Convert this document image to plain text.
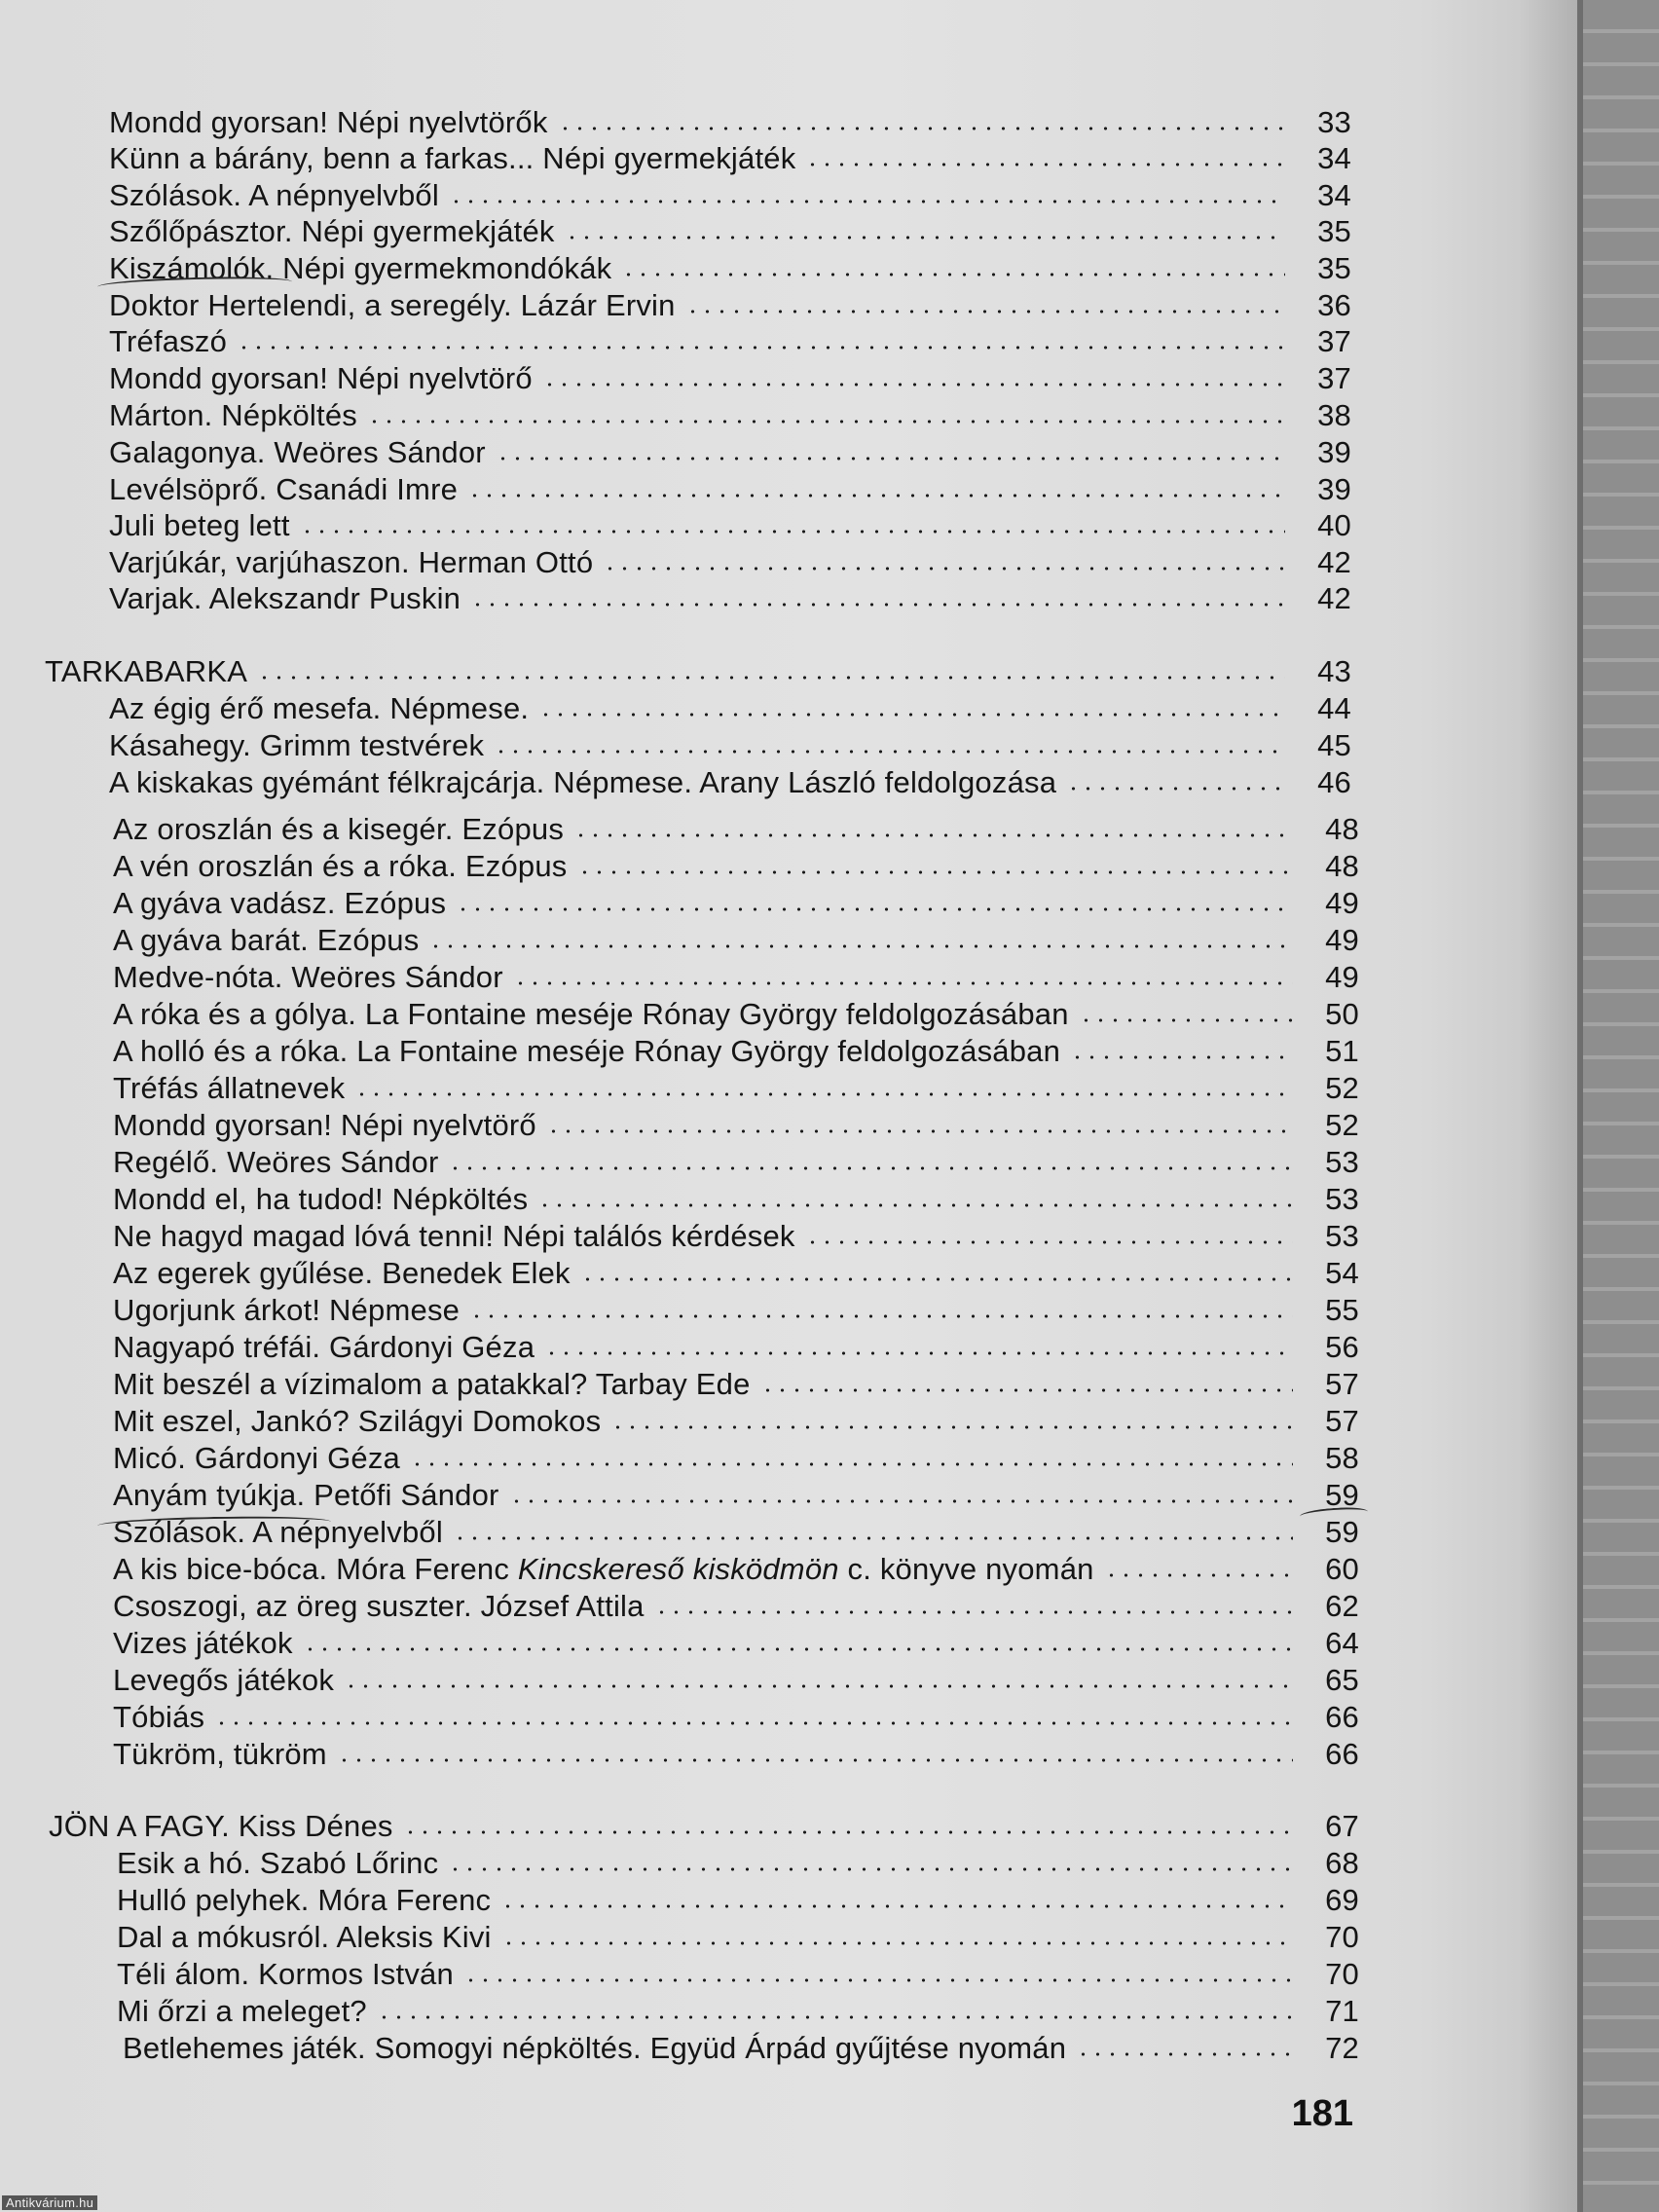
Mondd gyorsan! Népi nyelvtörők	33
Künn a bárány, benn a farkas... Népi gyermekjáték	34
Szólások. A népnyelvből	34
Szőlőpásztor. Népi gyermekjáték	35
Kiszámolók. Népi gyermekmondókák	35
Doktor Hertelendi, a seregély. Lázár Ervin	36
Tréfaszó	37
Mondd gyorsan! Népi nyelvtörő	37
Márton. Népköltés	38
Galagonya. Weöres Sándor	39
Levélsöprő. Csanádi Imre	39
Juli beteg lett	40
Varjúkár, varjúhaszon. Herman Ottó	42
Varjak. Alekszandr Puskin	42
TARKABARKA	43
Az égig érő mesefa. Népmese.	44
Kásahegy. Grimm testvérek	45
A kiskakas gyémánt félkrajcárja. Népmese. Arany László feldolgozása	46
Az oroszlán és a kisegér. Ezópus	48
A vén oroszlán és a róka. Ezópus	48
A gyáva vadász. Ezópus	49
A gyáva barát. Ezópus	49
Medve-nóta. Weöres Sándor	49
A róka és a gólya. La Fontaine meséje Rónay György feldolgozásában	50
A holló és a róka. La Fontaine meséje Rónay György feldolgozásában	51
Tréfás állatnevek	52
Mondd gyorsan! Népi nyelvtörő	52
Regélő. Weöres Sándor	53
Mondd el, ha tudod! Népköltés	53
Ne hagyd magad lóvá tenni! Népi találós kérdések	53
Az egerek gyűlése. Benedek Elek	54
Ugorjunk árkot! Népmese	55
Nagyapó tréfái. Gárdonyi Géza	56
Mit beszél a vízimalom a patakkal? Tarbay Ede	57
Mit eszel, Jankó? Szilágyi Domokos	57
Micó. Gárdonyi Géza	58
Anyám tyúkja. Petőfi Sándor	59
Szólások. A népnyelvből	59
A kis bice-bóca. Móra Ferenc Kincskereső kisködmön c. könyve nyomán	60
Csoszogi, az öreg suszter. József Attila	62
Vizes játékok	64
Levegős játékok	65
Tóbiás	66
Tükröm, tükröm	66
JÖN A FAGY. Kiss Dénes	67
Esik a hó. Szabó Lőrinc	68
Hulló pelyhek. Móra Ferenc	69
Dal a mókusról. Aleksis Kivi	70
Téli álom. Kormos István	70
Mi őrzi a meleget?	71
Betlehemes játék. Somogyi népköltés. Együd Árpád gyűjtése nyomán	72
181
Antikvárium.hu
